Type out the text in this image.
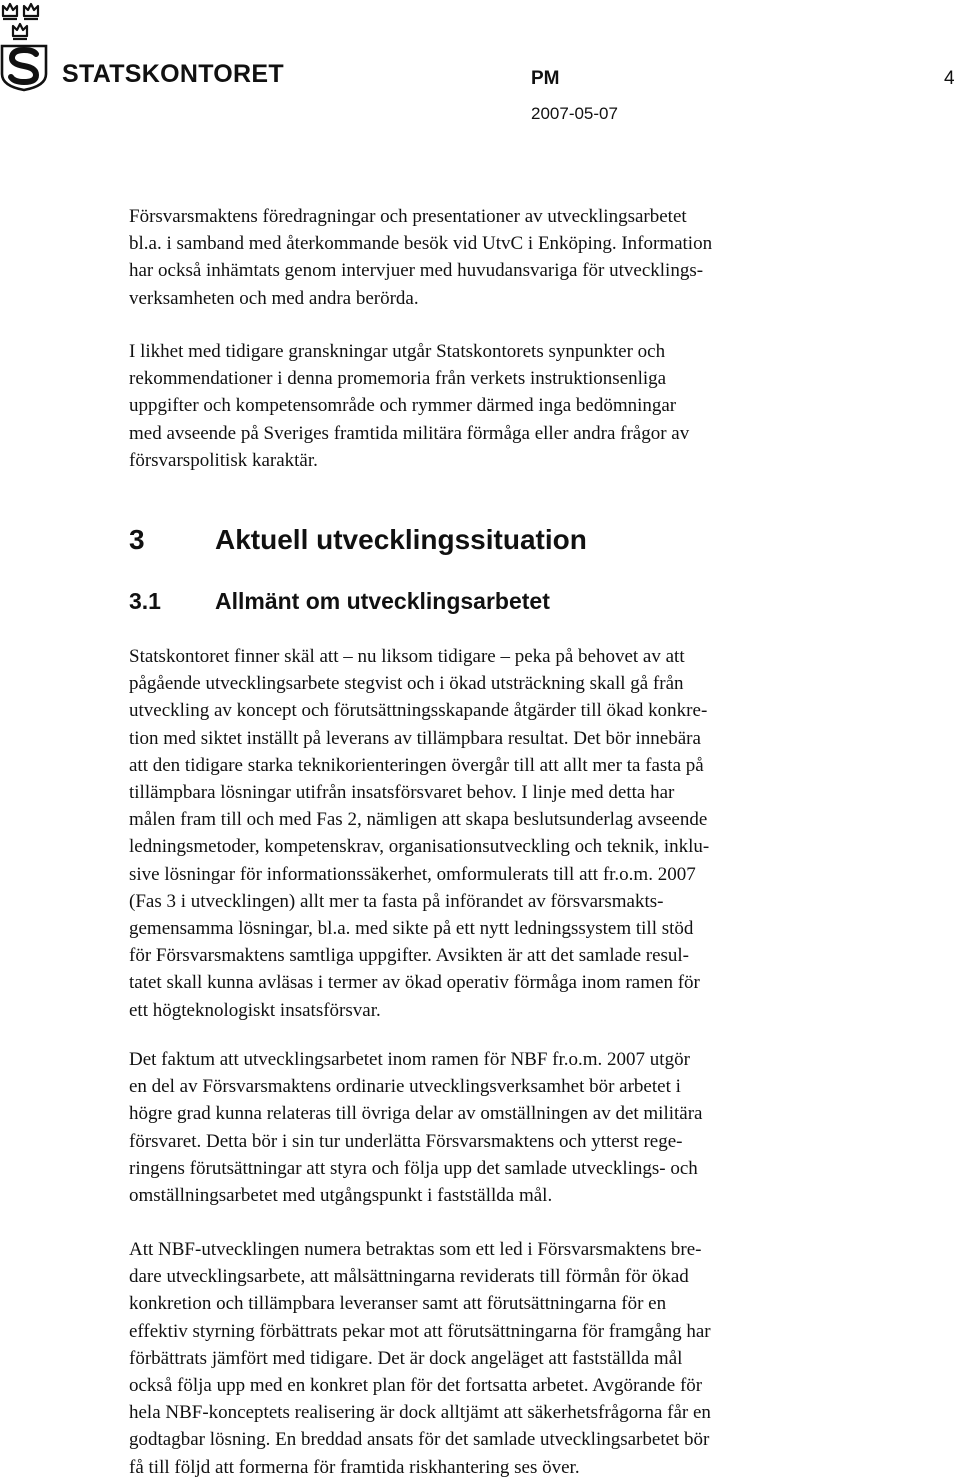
STATSKONTORET	PM	4
2007-05-07

Försvarsmaktens föredragningar och presentationer av utvecklingsarbetet
bl.a. i samband med återkommande besök vid UtvC i Enköping. Information
har också inhämtats genom intervjuer med huvudansvariga för utvecklings-
verksamheten och med andra berörda.

I likhet med tidigare granskningar utgår Statskontorets synpunkter och
rekommendationer i denna promemoria från verkets instruktionsenliga
uppgifter och kompetensområde och rymmer därmed inga bedömningar
med avseende på Sveriges framtida militära förmåga eller andra frågor av
försvarspolitisk karaktär.

3	Aktuell utvecklingssituation
3.1 Allmänt om utvecklingsarbetet

Statskontoret finner skäl att – nu liksom tidigare – peka på behovet av att
pågående utvecklingsarbete stegvist och i ökad utsträckning skall gå från
utveckling av koncept och förutsättningsskapande åtgärder till ökad konkre-
tion med siktet inställt på leverans av tillämpbara resultat. Det bör innebära
att den tidigare starka teknikorienteringen övergår till att allt mer ta fasta på
tillämpbara lösningar utifrån insatsförsvaret behov. I linje med detta har
målen fram till och med Fas 2, nämligen att skapa beslutsunderlag avseende
ledningsmetoder, kompetenskrav, organisationsutveckling och teknik, inklu-
sive lösningar för informationssäkerhet, omformulerats till att fr.o.m. 2007
(Fas 3 i utvecklingen) allt mer ta fasta på införandet av försvarsmakts-
gemensamma lösningar, bl.a. med sikte på ett nytt ledningssystem till stöd
för Försvarsmaktens samtliga uppgifter. Avsikten är att det samlade resul-
tatet skall kunna avläsas i termer av ökad operativ förmåga inom ramen för
ett högteknologiskt insatsförsvar.

Det faktum att utvecklingsarbetet inom ramen för NBF fr.o.m. 2007 utgör
en del av Försvarsmaktens ordinarie utvecklingsverksamhet bör arbetet i
högre grad kunna relateras till övriga delar av omställningen av det militära
försvaret. Detta bör i sin tur underlätta Försvarsmaktens och ytterst rege-
ringens förutsättningar att styra och följa upp det samlade utvecklings- och
omställningsarbetet med utgångspunkt i fastställda mål.

Att NBF-utvecklingen numera betraktas som ett led i Försvarsmaktens bre-
dare utvecklingsarbete, att målsättningarna reviderats till förmån för ökad
konkretion och tillämpbara leveranser samt att förutsättningarna för en
effektiv styrning förbättrats pekar mot att förutsättningarna för framgång har
förbättrats jämfört med tidigare. Det är dock angeläget att fastställda mål
också följa upp med en konkret plan för det fortsatta arbetet. Avgörande för
hela NBF-konceptets realisering är dock alltjämt att säkerhetsfrågorna får en
godtagbar lösning. En breddad ansats för det samlade utvecklingsarbetet bör
få till följd att formerna för framtida riskhantering ses över.
